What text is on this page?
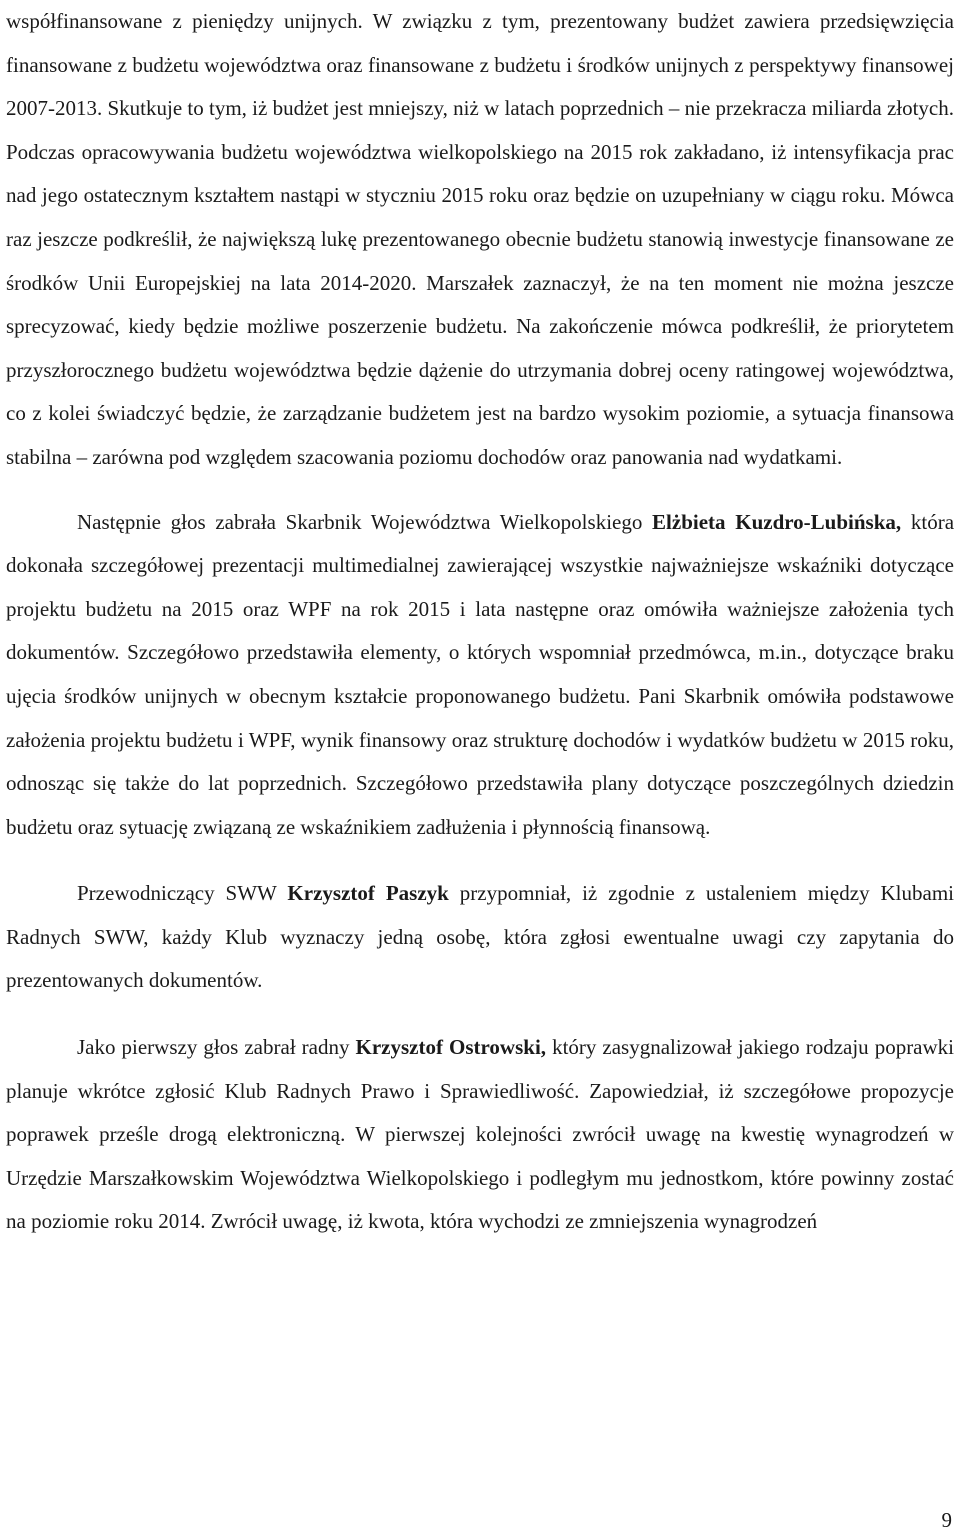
współfinansowane z pieniędzy unijnych. W związku z tym, prezentowany budżet zawiera przedsięwzięcia finansowane z budżetu województwa oraz finansowane z budżetu i środków unijnych z perspektywy finansowej 2007-2013. Skutkuje to tym, iż budżet jest mniejszy, niż w latach poprzednich – nie przekracza miliarda złotych. Podczas opracowywania budżetu województwa wielkopolskiego na 2015 rok zakładano, iż intensyfikacja prac nad jego ostatecznym kształtem nastąpi w styczniu 2015 roku oraz będzie on uzupełniany w ciągu roku. Mówca raz jeszcze podkreślił, że największą lukę prezentowanego obecnie budżetu stanowią inwestycje finansowane ze środków Unii Europejskiej na lata 2014-2020. Marszałek zaznaczył, że na ten moment nie można jeszcze sprecyzować, kiedy będzie możliwe poszerzenie budżetu. Na zakończenie mówca podkreślił, że priorytetem przyszłorocznego budżetu województwa będzie dążenie do utrzymania dobrej oceny ratingowej województwa, co z kolei świadczyć będzie, że zarządzanie budżetem jest na bardzo wysokim poziomie, a sytuacja finansowa stabilna – zarówna pod względem szacowania poziomu dochodów oraz panowania nad wydatkami.

Następnie głos zabrała Skarbnik Województwa Wielkopolskiego Elżbieta Kuzdro-Lubińska, która dokonała szczegółowej prezentacji multimedialnej zawierającej wszystkie najważniejsze wskaźniki dotyczące projektu budżetu na 2015 oraz WPF na rok 2015 i lata następne oraz omówiła ważniejsze założenia tych dokumentów. Szczegółowo przedstawiła elementy, o których wspomniał przedmówca, m.in., dotyczące braku ujęcia środków unijnych w obecnym kształcie proponowanego budżetu. Pani Skarbnik omówiła podstawowe założenia projektu budżetu i WPF, wynik finansowy oraz strukturę dochodów i wydatków budżetu w 2015 roku, odnosząc się także do lat poprzednich. Szczegółowo przedstawiła plany dotyczące poszczególnych dziedzin budżetu oraz sytuację związaną ze wskaźnikiem zadłużenia i płynnością finansową.

Przewodniczący SWW Krzysztof Paszyk przypomniał, iż zgodnie z ustaleniem między Klubami Radnych SWW, każdy Klub wyznaczy jedną osobę, która zgłosi ewentualne uwagi czy zapytania do prezentowanych dokumentów.

Jako pierwszy głos zabrał radny Krzysztof Ostrowski, który zasygnalizował jakiego rodzaju poprawki planuje wkrótce zgłosić Klub Radnych Prawo i Sprawiedliwość. Zapowiedział, iż szczegółowe propozycje poprawek prześle drogą elektroniczną. W pierwszej kolejności zwrócił uwagę na kwestię wynagrodzeń w Urzędzie Marszałkowskim Województwa Wielkopolskiego i podległym mu jednostkom, które powinny zostać na poziomie roku 2014. Zwrócił uwagę, iż kwota, która wychodzi ze zmniejszenia wynagrodzeń

9
